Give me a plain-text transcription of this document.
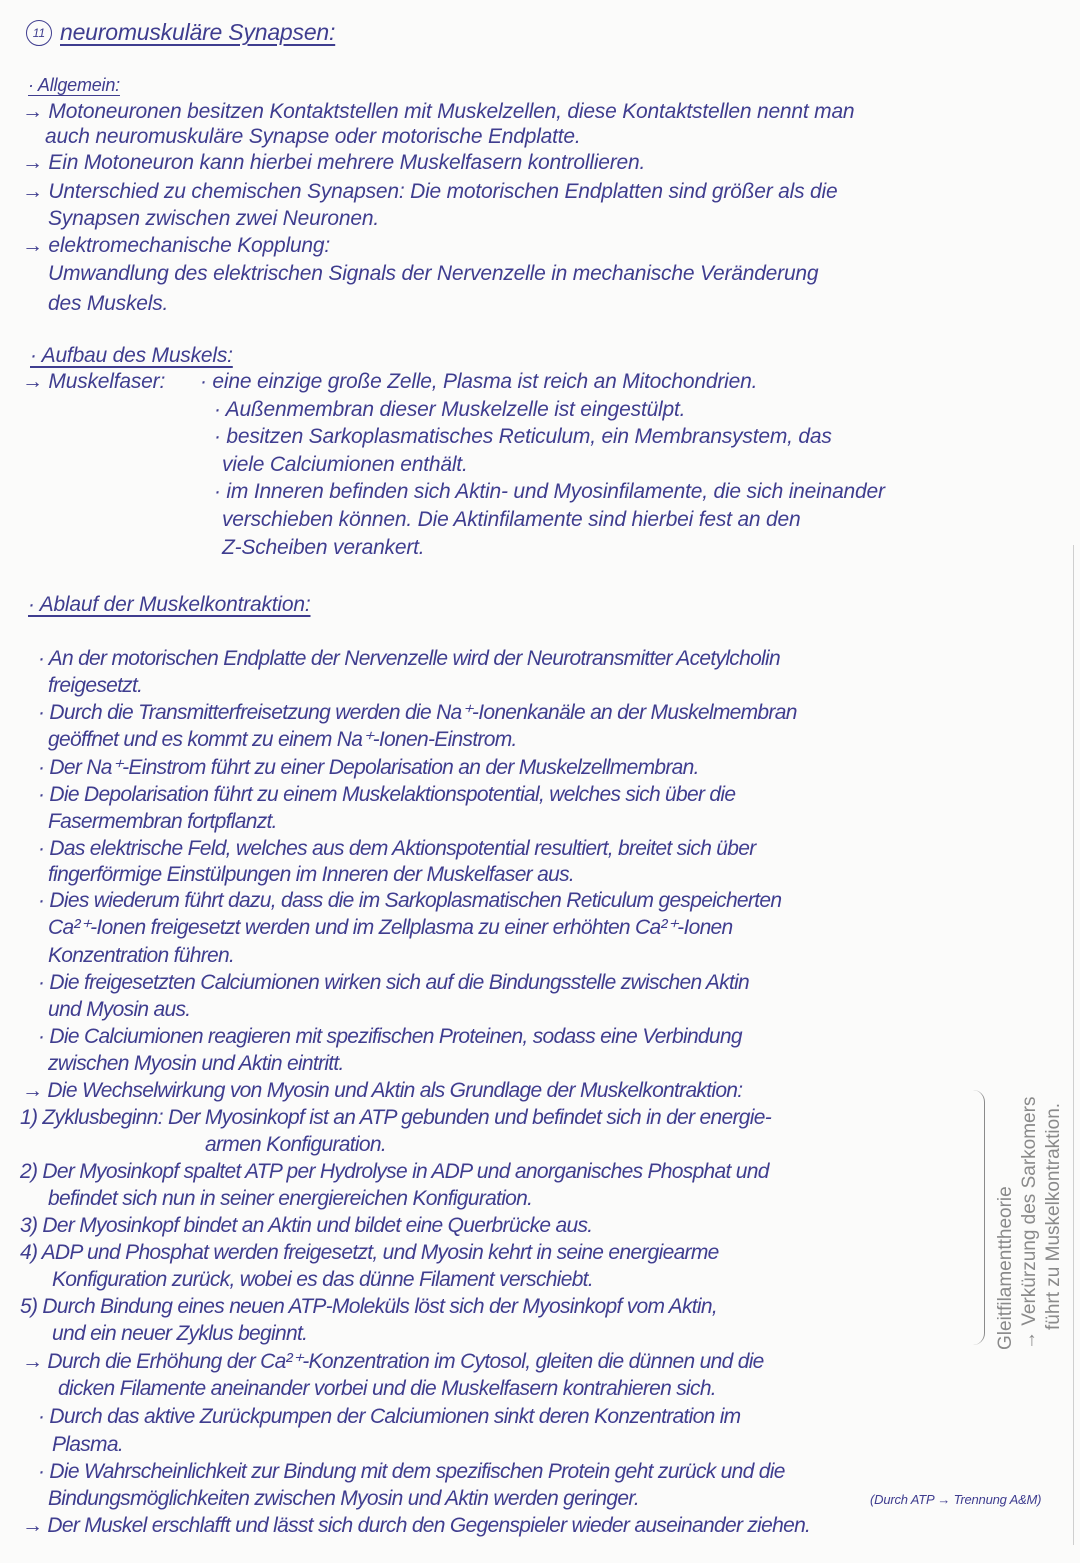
11 neuromuskuläre Synapsen:
· Allgemein:
→ Motoneuronen besitzen Kontaktstellen mit Muskelzellen, diese Kontaktstellen nennt man
auch neuromuskuläre Synapse oder motorische Endplatte.
→ Ein Motoneuron kann hierbei mehrere Muskelfasern kontrollieren.
→ Unterschied zu chemischen Synapsen: Die motorischen Endplatten sind größer als die
Synapsen zwischen zwei Neuronen.
→ elektromechanische Kopplung:
Umwandlung des elektrischen Signals der Nervenzelle in mechanische Veränderung
des Muskels.
· Aufbau des Muskels:
→ Muskelfaser: · eine einzige große Zelle, Plasma ist reich an Mitochondrien.
· Außenmembran dieser Muskelzelle ist eingestülpt.
· besitzen Sarkoplasmatisches Reticulum, ein Membransystem, das
viele Calciumionen enthält.
· im Inneren befinden sich Aktin- und Myosinfilamente, die sich ineinander
verschieben können. Die Aktinfilamente sind hierbei fest an den
Z-Scheiben verankert.
· Ablauf der Muskelkontraktion:
· An der motorischen Endplatte der Nervenzelle wird der Neurotransmitter Acetylcholin
freigesetzt.
· Durch die Transmitterfreisetzung werden die Na⁺-Ionenkanäle an der Muskelmembran
geöffnet und es kommt zu einem Na⁺-Ionen-Einstrom.
· Der Na⁺-Einstrom führt zu einer Depolarisation an der Muskelzellmembran.
· Die Depolarisation führt zu einem Muskelaktionspotential, welches sich über die
Fasermembran fortpflanzt.
· Das elektrische Feld, welches aus dem Aktionspotential resultiert, breitet sich über
fingerförmige Einstülpungen im Inneren der Muskelfaser aus.
· Dies wiederum führt dazu, dass die im Sarkoplasmatischen Reticulum gespeicherten
Ca²⁺-Ionen freigesetzt werden und im Zellplasma zu einer erhöhten Ca²⁺-Ionen
Konzentration führen.
· Die freigesetzten Calciumionen wirken sich auf die Bindungsstelle zwischen Aktin
und Myosin aus.
· Die Calciumionen reagieren mit spezifischen Proteinen, sodass eine Verbindung
zwischen Myosin und Aktin eintritt.
→ Die Wechselwirkung von Myosin und Aktin als Grundlage der Muskelkontraktion:
1) Zyklusbeginn: Der Myosinkopf ist an ATP gebunden und befindet sich in der energie-
armen Konfiguration.
2) Der Myosinkopf spaltet ATP per Hydrolyse in ADP und anorganisches Phosphat und
befindet sich nun in seiner energiereichen Konfiguration.
3) Der Myosinkopf bindet an Aktin und bildet eine Querbrücke aus.
4) ADP und Phosphat werden freigesetzt, und Myosin kehrt in seine energiearme
Konfiguration zurück, wobei es das dünne Filament verschiebt.
5) Durch Bindung eines neuen ATP-Moleküls löst sich der Myosinkopf vom Aktin,
und ein neuer Zyklus beginnt.
→ Durch die Erhöhung der Ca²⁺-Konzentration im Cytosol, gleiten die dünnen und die
dicken Filamente aneinander vorbei und die Muskelfasern kontrahieren sich.
· Durch das aktive Zurückpumpen der Calciumionen sinkt deren Konzentration im
Plasma.
· Die Wahrscheinlichkeit zur Bindung mit dem spezifischen Protein geht zurück und die
Bindungsmöglichkeiten zwischen Myosin und Aktin werden geringer.	(Durch ATP → Trennung A&M)
→ Der Muskel erschlafft und lässt sich durch den Gegenspieler wieder auseinander ziehen.
Gleitfilamenttheorie → Verkürzung des Sarkomers führt zu Muskelkontraktion.
